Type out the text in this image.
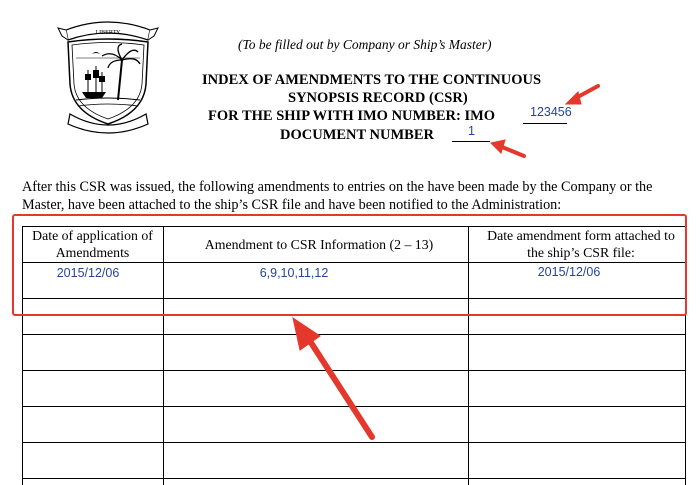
LIBERTY
(To be filled out by Company or Ship’s Master)
INDEX OF AMENDMENTS TO THE CONTINUOUS
SYNOPSIS RECORD (CSR)
FOR THE SHIP WITH IMO NUMBER: IMO
DOCUMENT NUMBER
123456
1
After this CSR was issued, the following amendments to entries on the have been made by the Company or the Master, have been attached to the ship’s CSR file and have been notified to the Administration:
Date of application of Amendments
Amendment to CSR Information (2 – 13)
Date amendment form attached to the ship’s CSR file:
2015/12/06	6,9,10,11,12	2015/12/06
